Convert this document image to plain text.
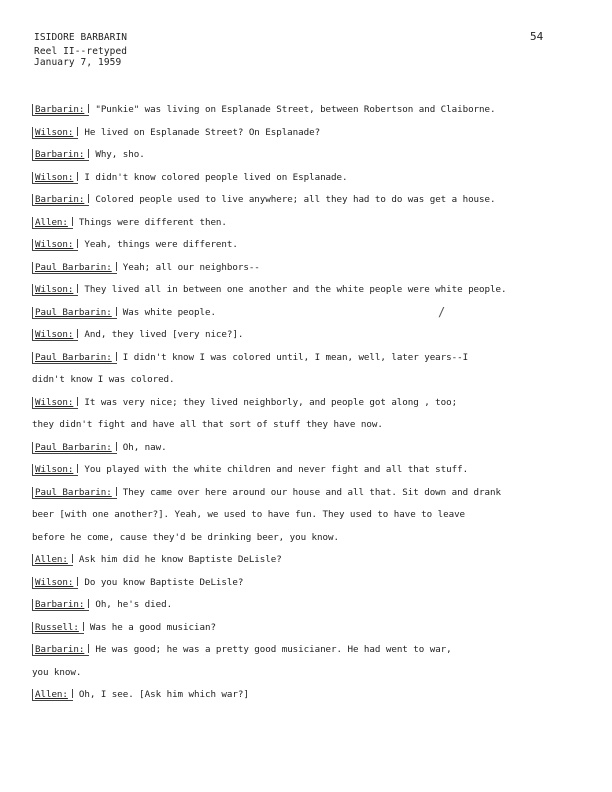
ISIDORE BARBARIN
Reel II--retyped
January 7, 1959
54
Barbarin: "Punkie" was living on Esplanade Street, between Robertson and Claiborne.
Wilson: He lived on Esplanade Street? On Esplanade?
Barbarin: Why, sho.
Wilson: I didn't know colored people lived on Esplanade.
Barbarin: Colored people used to live anywhere; all they had to do was get a house.
Allen: Things were different then.
Wilson: Yeah, things were different.
Paul Barbarin: Yeah; all our neighbors--
Wilson: They lived all in between one another and the white people were white people.
Paul Barbarin: Was white people.
Wilson: And, they lived [very nice?].
Paul Barbarin: I didn't know I was colored until, I mean, well, later years--I
didn't know I was colored.
Wilson: It was very nice; they lived neighborly, and people got along , too;
they didn't fight and have all that sort of stuff they have now.
Paul Barbarin: Oh, naw.
Wilson: You played with the white children and never fight and all that stuff.
Paul Barbarin: They came over here around our house and all that. Sit down and drank
beer [with one another?]. Yeah, we used to have fun. They used to have to leave
before he come, cause they'd be drinking beer, you know.
Allen: Ask him did he know Baptiste DeLisle?
Wilson: Do you know Baptiste DeLisle?
Barbarin: Oh, he's died.
Russell: Was he a good musician?
Barbarin: He was good; he was a pretty good musicianer. He had went to war,
you know.
Allen: Oh, I see. [Ask him which war?]
/
